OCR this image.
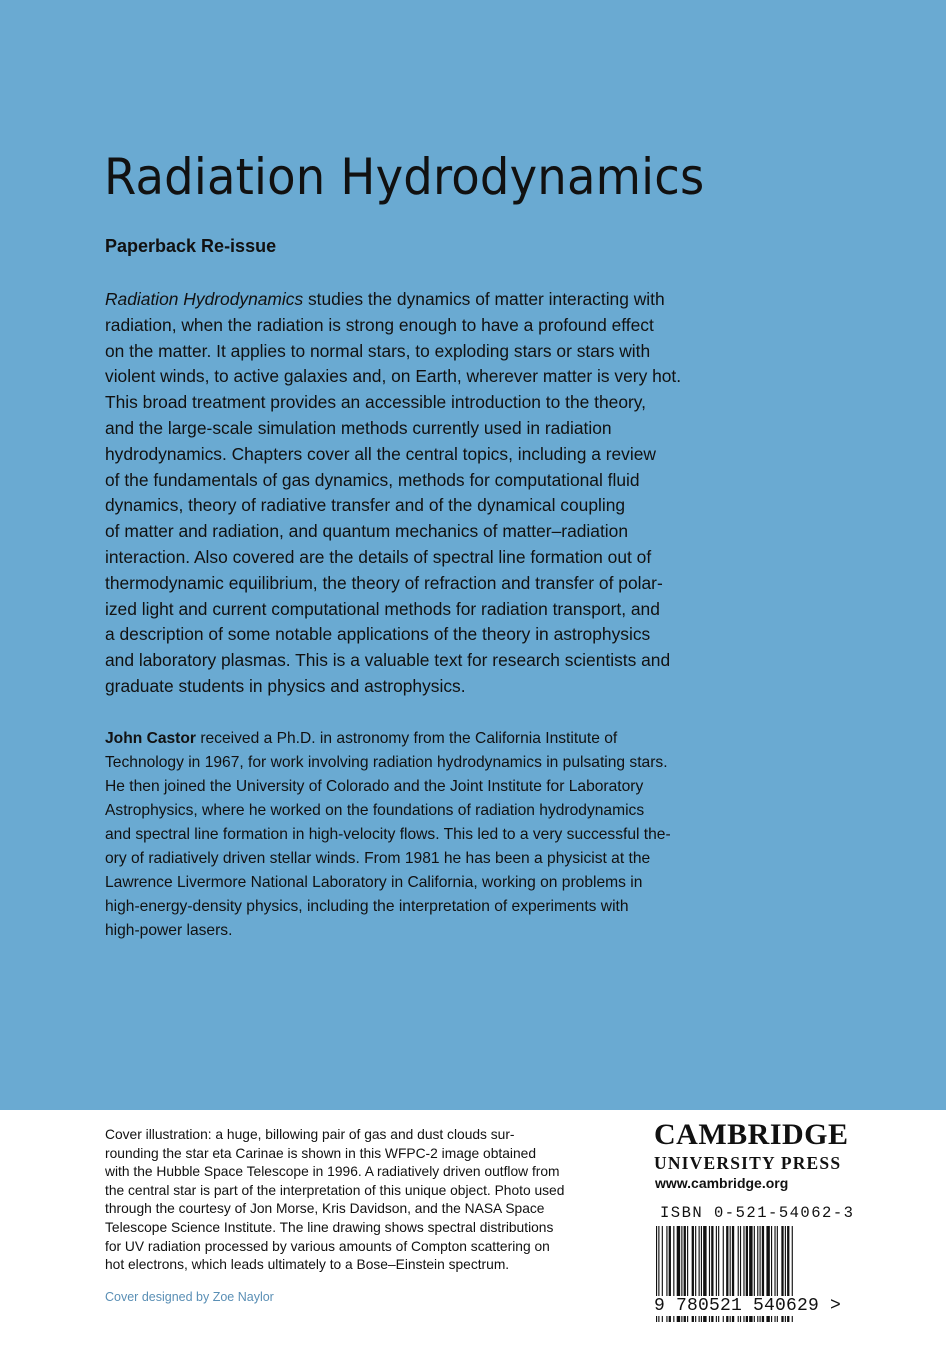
Radiation Hydrodynamics
Paperback Re-issue

Radiation Hydrodynamics studies the dynamics of matter interacting with
radiation, when the radiation is strong enough to have a profound effect
on the matter. It applies to normal stars, to exploding stars or stars with
violent winds, to active galaxies and, on Earth, wherever matter is very hot.
This broad treatment provides an accessible introduction to the theory,
and the large-scale simulation methods currently used in radiation
hydrodynamics. Chapters cover all the central topics, including a review
of the fundamentals of gas dynamics, methods for computational fluid
dynamics, theory of radiative transfer and of the dynamical coupling
of matter and radiation, and quantum mechanics of matter–radiation
interaction. Also covered are the details of spectral line formation out of
thermodynamic equilibrium, the theory of refraction and transfer of polar-
ized light and current computational methods for radiation transport, and
a description of some notable applications of the theory in astrophysics
and laboratory plasmas. This is a valuable text for research scientists and
graduate students in physics and astrophysics.

John Castor received a Ph.D. in astronomy from the California Institute of
Technology in 1967, for work involving radiation hydrodynamics in pulsating stars.
He then joined the University of Colorado and the Joint Institute for Laboratory
Astrophysics, where he worked on the foundations of radiation hydrodynamics
and spectral line formation in high-velocity flows. This led to a very successful the-
ory of radiatively driven stellar winds. From 1981 he has been a physicist at the
Lawrence Livermore National Laboratory in California, working on problems in
high-energy-density physics, including the interpretation of experiments with
high-power lasers.

Cover illustration: a huge, billowing pair of gas and dust clouds sur-
rounding the star eta Carinae is shown in this WFPC-2 image obtained
with the Hubble Space Telescope in 1996. A radiatively driven outflow from
the central star is part of the interpretation of this unique object. Photo used
through the courtesy of Jon Morse, Kris Davidson, and the NASA Space
Telescope Science Institute. The line drawing shows spectral distributions
for UV radiation processed by various amounts of Compton scattering on
hot electrons, which leads ultimately to a Bose–Einstein spectrum.

Cover designed by Zoe Naylor
CAMBRIDGE
UNIVERSITY PRESS
www.cambridge.org
ISBN 0-521-54062-3
9 780521 540629 >
